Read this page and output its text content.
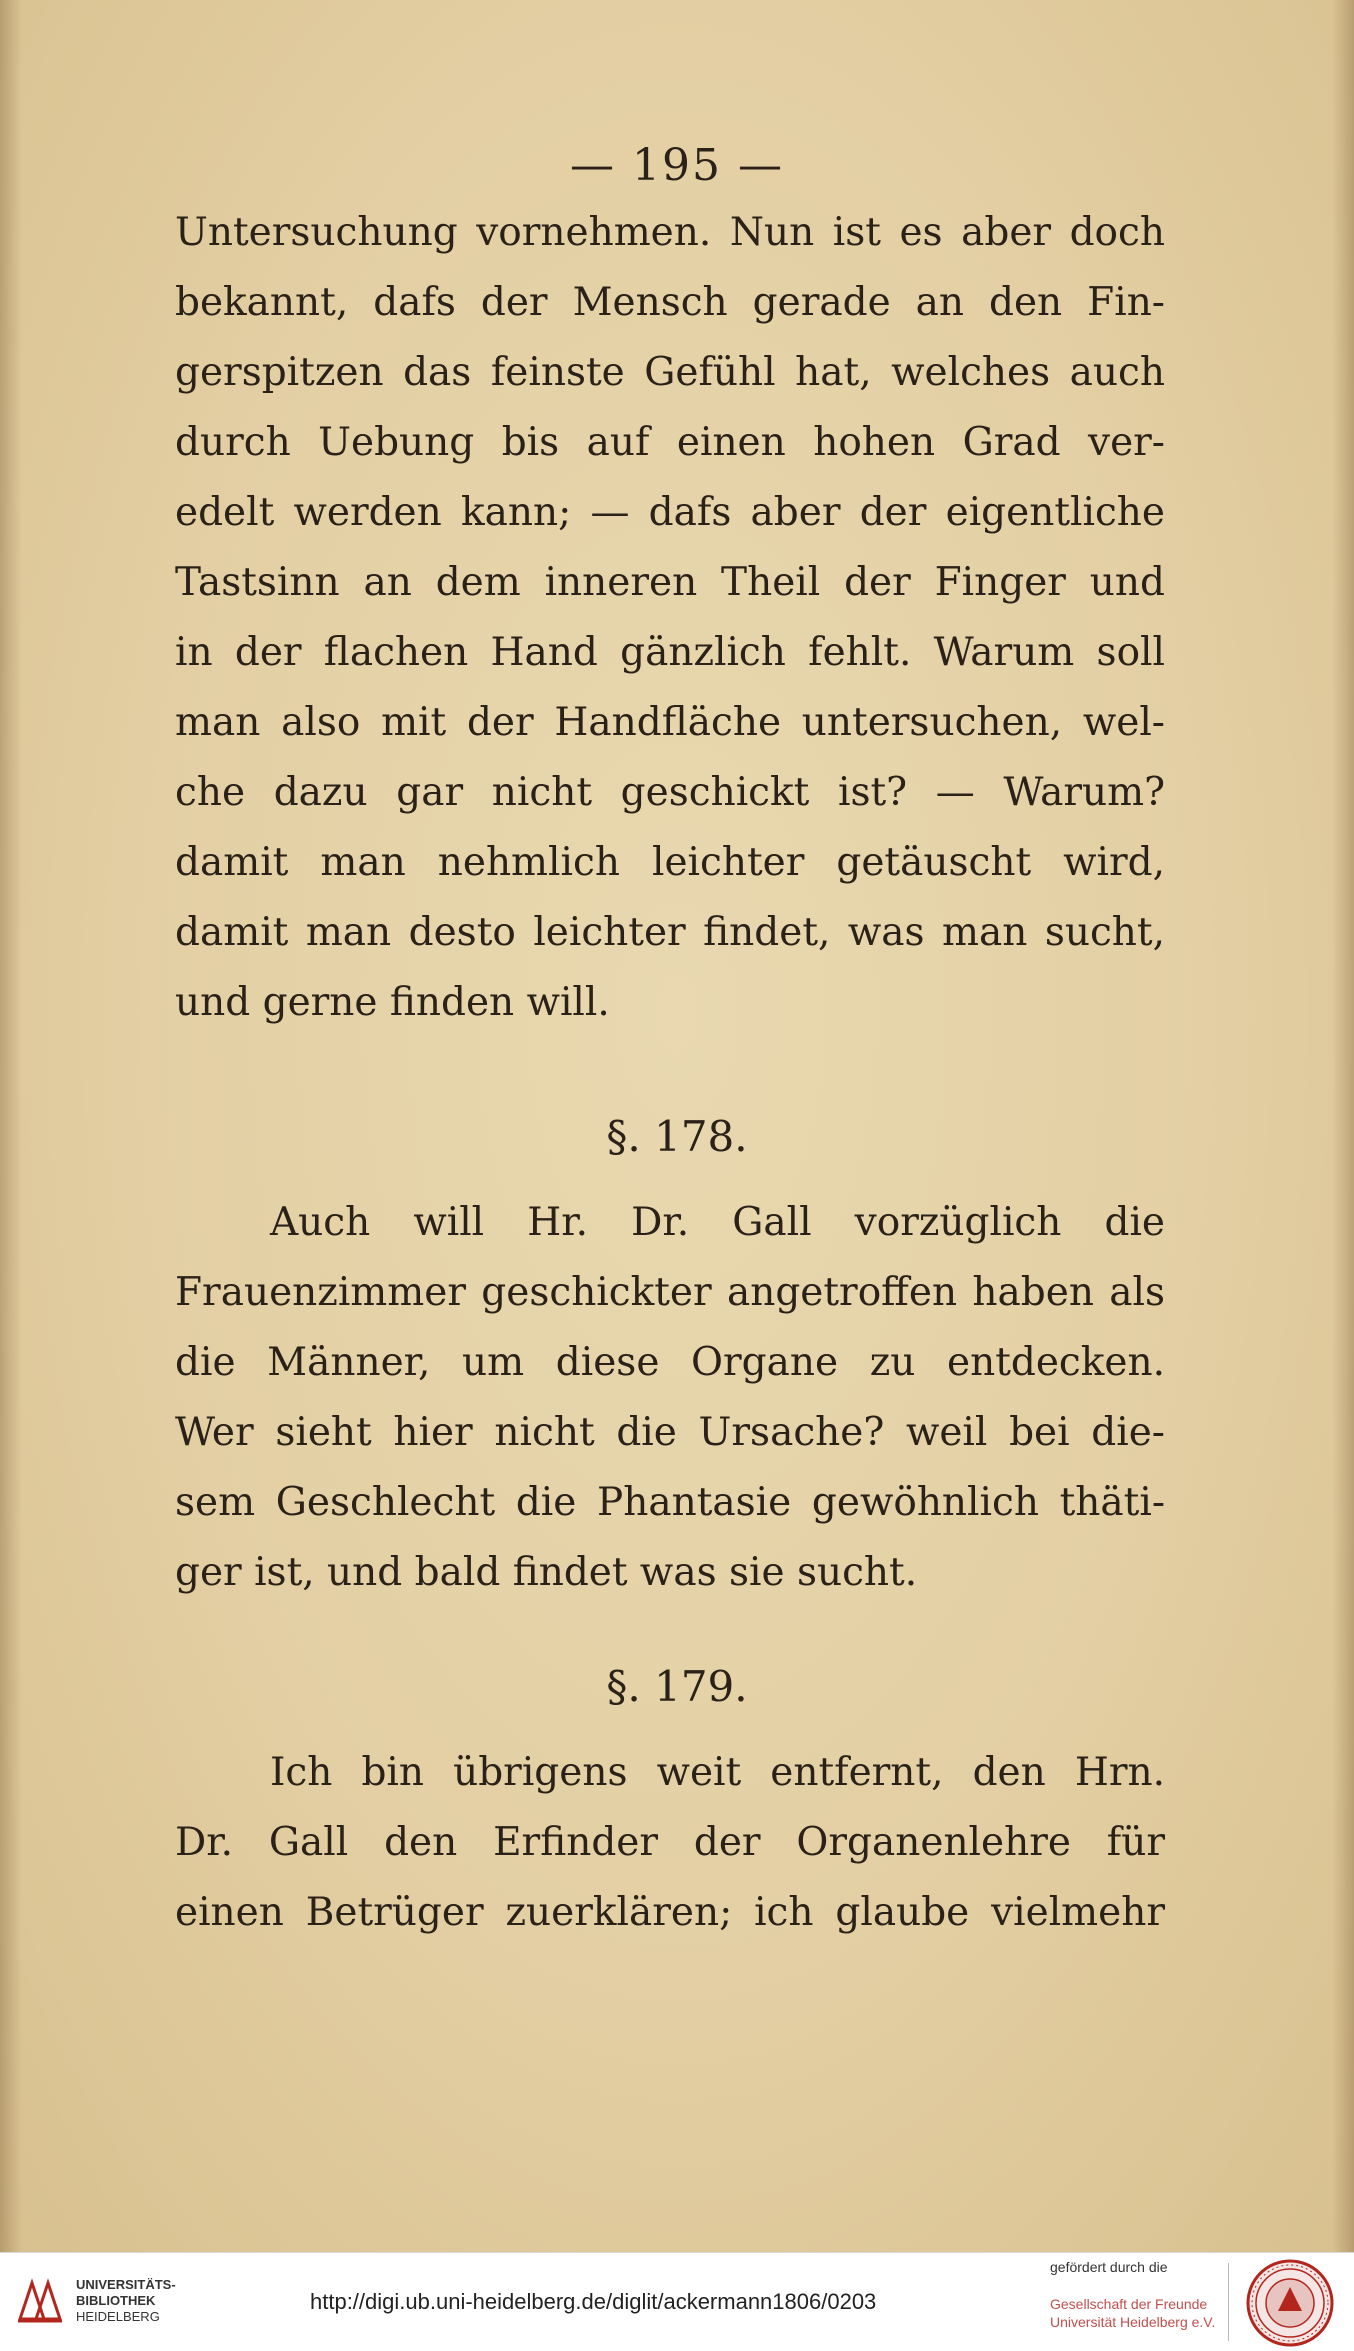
— 195 —
Untersuchung vornehmen. Nun ist es aber doch
bekannt, dafs der Mensch gerade an den Fin-
gerspitzen das feinste Gefühl hat, welches auch
durch Uebung bis auf einen hohen Grad ver-
edelt werden kann; — dafs aber der eigentliche
Tastsinn an dem inneren Theil der Finger und
in der flachen Hand gänzlich fehlt. Warum soll
man also mit der Handfläche untersuchen, wel-
che dazu gar nicht geschickt ist? — Warum?
damit man nehmlich leichter getäuscht wird,
damit man desto leichter findet, was man sucht,
und gerne finden will.
§. 178.
Auch will Hr. Dr. Gall vorzüglich die
Frauenzimmer geschickter angetroffen haben als
die Männer, um diese Organe zu entdecken.
Wer sieht hier nicht die Ursache? weil bei die-
sem Geschlecht die Phantasie gewöhnlich thäti-
ger ist, und bald findet was sie sucht.
§. 179.
Ich bin übrigens weit entfernt, den Hrn.
Dr. Gall den Erfinder der Organenlehre für
einen Betrüger zuerklären; ich glaube vielmehr
UNIVERSITÄTS-
BIBLIOTHEK
HEIDELBERG
http://digi.ub.uni-heidelberg.de/diglit/ackermann1806/0203
gefördert durch die
Gesellschaft der Freunde
Universität Heidelberg e.V.
